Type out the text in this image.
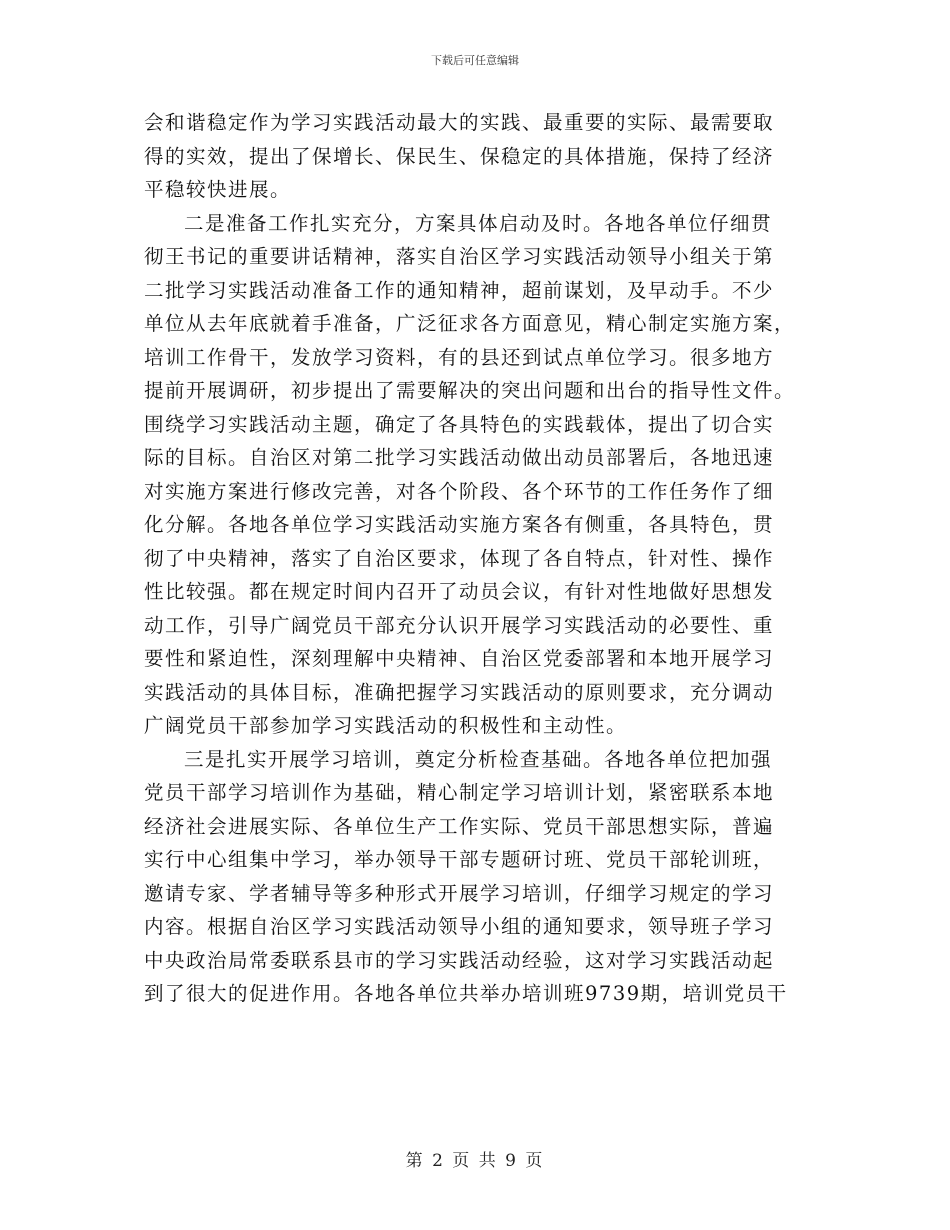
下载后可任意编辑
会和谐稳定作为学习实践活动最大的实践、最重要的实际、最需要取
得的实效，提出了保增长、保民生、保稳定的具体措施，保持了经济
平稳较快进展。
二是准备工作扎实充分，方案具体启动及时。各地各单位仔细贯
彻王书记的重要讲话精神，落实自治区学习实践活动领导小组关于第
二批学习实践活动准备工作的通知精神，超前谋划，及早动手。不少
单位从去年底就着手准备，广泛征求各方面意见，精心制定实施方案，
培训工作骨干，发放学习资料，有的县还到试点单位学习。很多地方
提前开展调研，初步提出了需要解决的突出问题和出台的指导性文件。
围绕学习实践活动主题，确定了各具特色的实践载体，提出了切合实
际的目标。自治区对第二批学习实践活动做出动员部署后，各地迅速
对实施方案进行修改完善，对各个阶段、各个环节的工作任务作了细
化分解。各地各单位学习实践活动实施方案各有侧重，各具特色，贯
彻了中央精神，落实了自治区要求，体现了各自特点，针对性、操作
性比较强。都在规定时间内召开了动员会议，有针对性地做好思想发
动工作，引导广阔党员干部充分认识开展学习实践活动的必要性、重
要性和紧迫性，深刻理解中央精神、自治区党委部署和本地开展学习
实践活动的具体目标，准确把握学习实践活动的原则要求，充分调动
广阔党员干部参加学习实践活动的积极性和主动性。
三是扎实开展学习培训，奠定分析检查基础。各地各单位把加强
党员干部学习培训作为基础，精心制定学习培训计划，紧密联系本地
经济社会进展实际、各单位生产工作实际、党员干部思想实际，普遍
实行中心组集中学习，举办领导干部专题研讨班、党员干部轮训班，
邀请专家、学者辅导等多种形式开展学习培训，仔细学习规定的学习
内容。根据自治区学习实践活动领导小组的通知要求，领导班子学习
中央政治局常委联系县市的学习实践活动经验，这对学习实践活动起
到了很大的促进作用。各地各单位共举办培训班9739期，培训党员干
第 2 页 共 9 页
